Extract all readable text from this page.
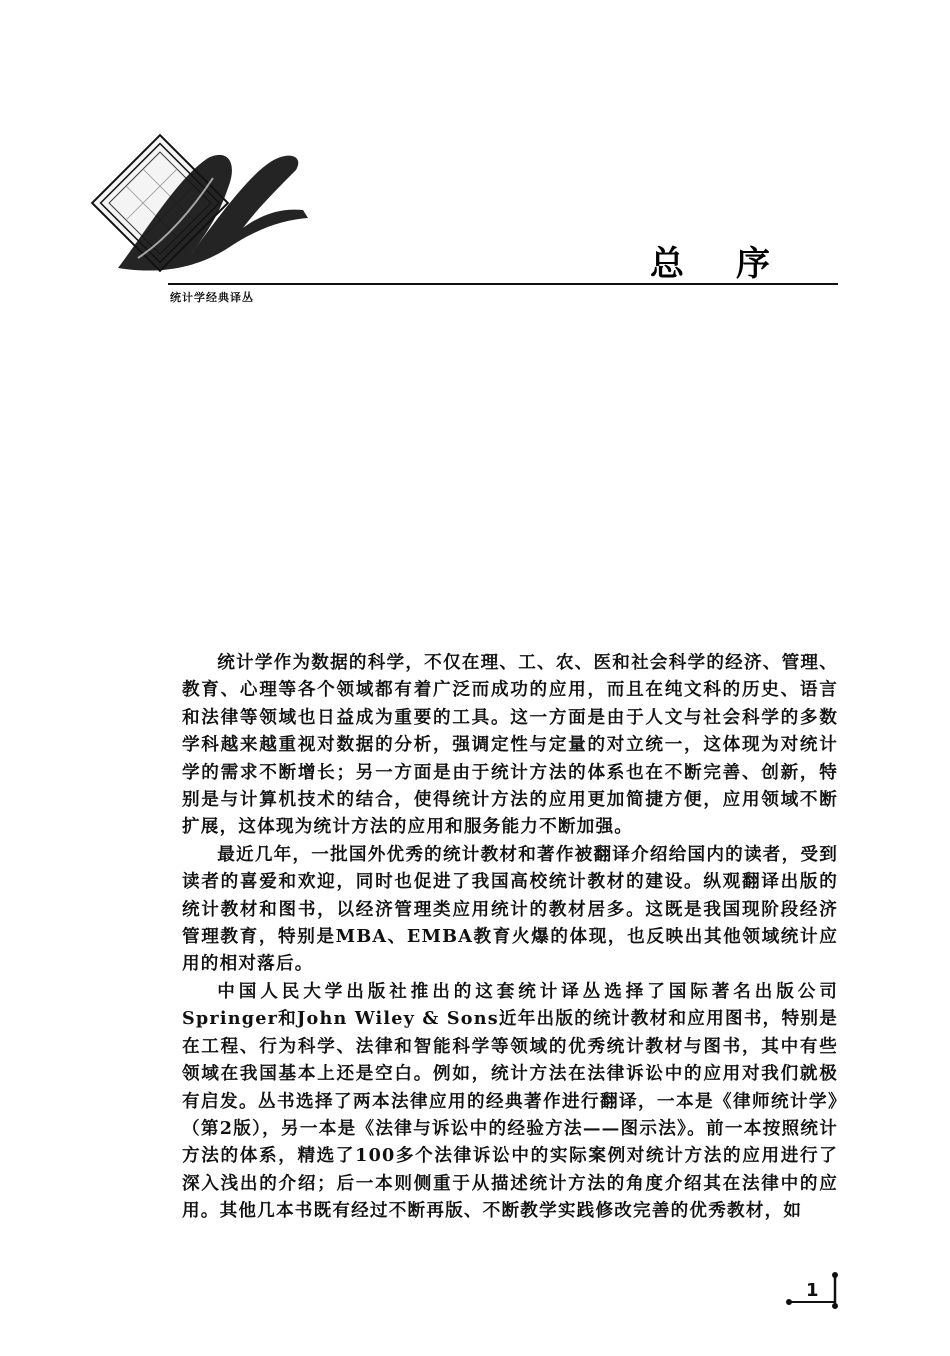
总序
统计学经典译丛

统计学作为数据的科学，不仅在理、工、农、医和社会科学的经济、管理、教育、心理等各个领域都有着广泛而成功的应用，而且在纯文科的历史、语言和法律等领域也日益成为重要的工具。这一方面是由于人文与社会科学的多数学科越来越重视对数据的分析，强调定性与定量的对立统一，这体现为对统计学的需求不断增长；另一方面是由于统计方法的体系也在不断完善、创新，特别是与计算机技术的结合，使得统计方法的应用更加简捷方便，应用领域不断扩展，这体现为统计方法的应用和服务能力不断加强。

最近几年，一批国外优秀的统计教材和著作被翻译介绍给国内的读者，受到读者的喜爱和欢迎，同时也促进了我国高校统计教材的建设。纵观翻译出版的统计教材和图书，以经济管理类应用统计的教材居多。这既是我国现阶段经济管理教育，特别是MBA、EMBA教育火爆的体现，也反映出其他领域统计应用的相对落后。

中国人民大学出版社推出的这套统计译丛选择了国际著名出版公司Springer和John Wiley & Sons近年出版的统计教材和应用图书，特别是在工程、行为科学、法律和智能科学等领域的优秀统计教材与图书，其中有些领域在我国基本上还是空白。例如，统计方法在法律诉讼中的应用对我们就极有启发。丛书选择了两本法律应用的经典著作进行翻译，一本是《律师统计学》（第2版），另一本是《法律与诉讼中的经验方法——图示法》。前一本按照统计方法的体系，精选了100多个法律诉讼中的实际案例对统计方法的应用进行了深入浅出的介绍；后一本则侧重于从描述统计方法的角度介绍其在法律中的应用。其他几本书既有经过不断再版、不断教学实践修改完善的优秀教材，如

1
